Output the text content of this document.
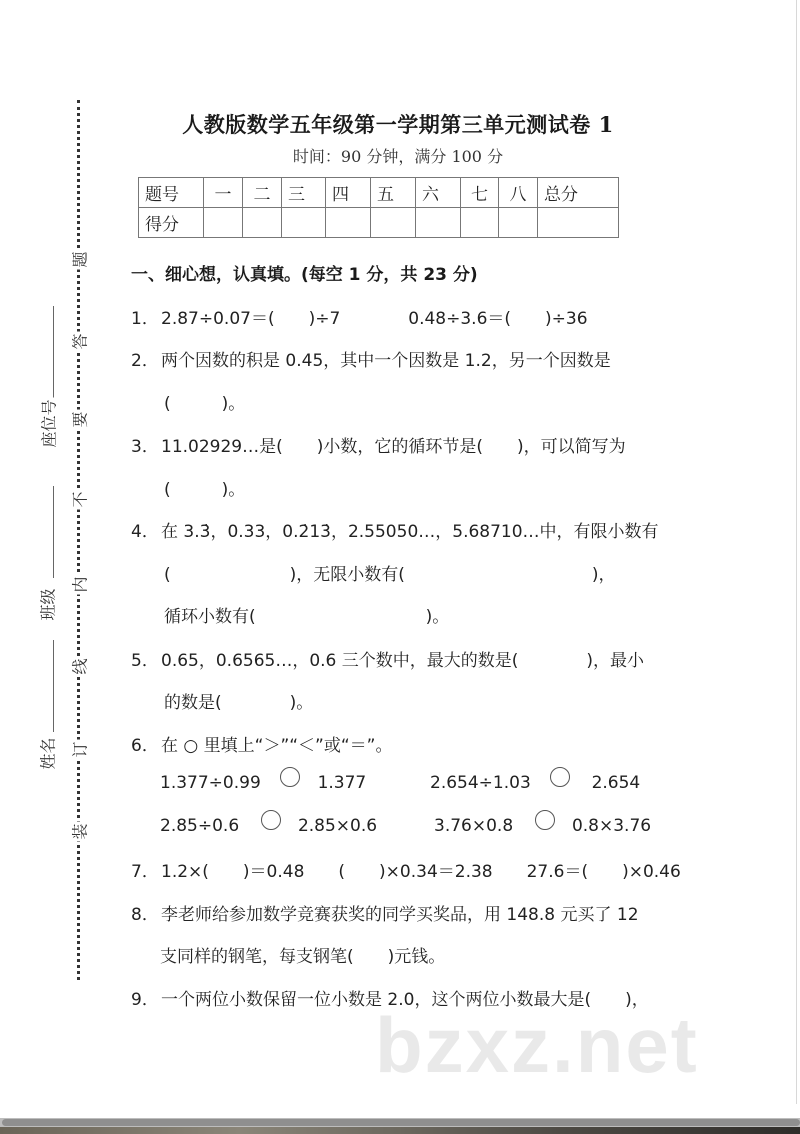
题
答
要
不
内
线
订
装
座位号
班级
姓名
人教版数学五年级第一学期第三单元测试卷 1
时间：90 分钟，满分 100 分
题号	一	二	三	四	五	六	七	八	总分
得分									
一、细心想，认真填。(每空 1 分，共 23 分)
1． 2.87÷0.07＝(　　)÷7　　　　0.48÷3.6＝(　　)÷36
2． 两个因数的积是 0.45，其中一个因数是 1.2，另一个因数是
(　　　)。
3． 11.02929…是(　　)小数，它的循环节是(　　)，可以简写为
(　　　)。
4． 在 3.3̇，0.33，0.2̇13̇，2.55050…，5.68710…中，有限小数有
(　　　　　　　)，无限小数有(　　　　　　　　　　　)，
循环小数有(　　　　　　　　　　)。
5． 0.65，0.6565…，0.6 三个数中，最大的数是(　　　　)，最小
的数是(　　　　)。
6． 在 ○ 里填上“＞”“＜”或“＝”。
1.377÷0.99	1.377	2.654÷1.03	2.654
2.85÷0.6	2.85×0.6	3.76×0.8	0.8×3.76
7． 1.2×(　　)＝0.48　　(　　)×0.34＝2.38　　27.6＝(　　)×0.46
8． 李老师给参加数学竞赛获奖的同学买奖品，用 148.8 元买了 12
支同样的钢笔，每支钢笔(　　)元钱。
9． 一个两位小数保留一位小数是 2.0，这个两位小数最大是(　　)，
bzxz.net
